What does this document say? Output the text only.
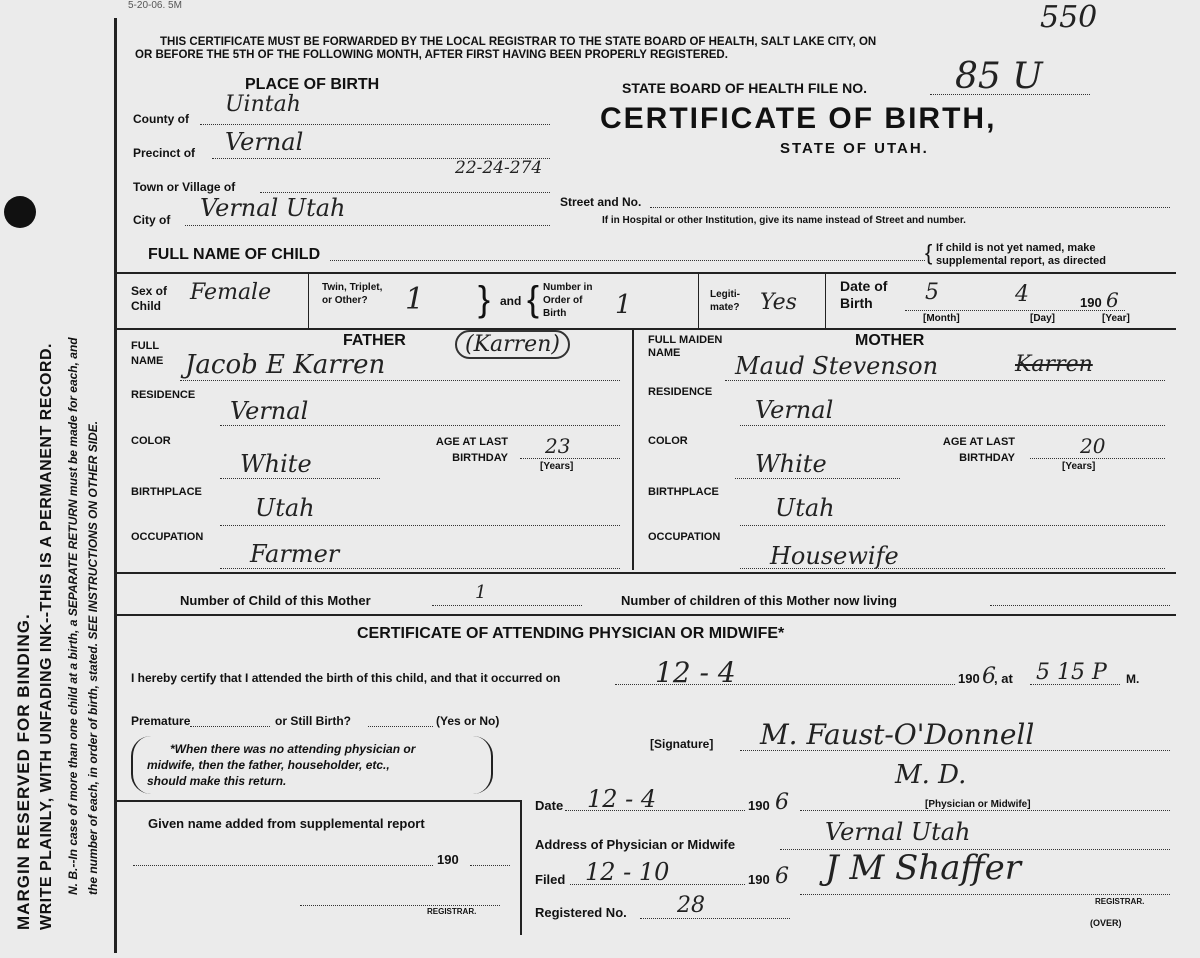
5-20-06. 5M	550
MARGIN RESERVED FOR BINDING. WRITE PLAINLY, WITH UNFADING INK--THIS IS A PERMANENT RECORD. N. B.--In case of more than one child at a birth, a SEPARATE RETURN must be made for each, and the number of each, in order of birth, stated. SEE INSTRUCTIONS ON OTHER SIDE.
THIS CERTIFICATE MUST BE FORWARDED BY THE LOCAL REGISTRAR TO THE STATE BOARD OF HEALTH, SALT LAKE CITY, ON
OR BEFORE THE 5TH OF THE FOLLOWING MONTH, AFTER FIRST HAVING BEEN PROPERLY REGISTERED.
PLACE OF BIRTH
County of
Uintah
Precinct of Vernal
22-24-274
Town or Village of
City of Vernal Utah
STATE BOARD OF HEALTH FILE NO. 85 U
CERTIFICATE OF BIRTH,
STATE OF UTAH.
Street and No.
If in Hospital or other Institution, give its name instead of Street and number.
FULL NAME OF CHILD	{ If child is not yet named, make
supplemental report, as directed
Sex of Child
Female	Twin, Triplet, or Other?	1 } and { Number in Order of Birth	1	Legiti-mate? Yes
Date of Birth	5	4	190 6
[Month]	[Day]	[Year]
FATHER
FULL NAME Jacob E Karren
(Karren)
RESIDENCE
Vernal
COLOR
White
AGE AT LAST BIRTHDAY 23
[Years]
BIRTHPLACE
Utah
OCCUPATION
Farmer
MOTHER
FULL MAIDEN NAME	Maud Stevenson	Karren
RESIDENCE
Vernal
COLOR
White
AGE AT LAST BIRTHDAY	20
[Years]
BIRTHPLACE
Utah
OCCUPATION
Housewife
Number of Child of this Mother	1	Number of children of this Mother now living
CERTIFICATE OF ATTENDING PHYSICIAN OR MIDWIFE*
I hereby certify that I attended the birth of this child, and that it occurred on	12 - 4	190 6
, at 5 15 P M.
Premature	or Still Birth?	(Yes or No)
*When there was no attending physician or
midwife, then the father, householder, etc.,
should make this return.
[Signature] M. Faust-O'Donnell
M. D.
Given name added from supplemental report
190
REGISTRAR.
Date 12 - 4	190 6	[Physician or Midwife]
Address of Physician or Midwife	Vernal Utah
Filed 12 - 10	190 6 J M Shaffer
REGISTRAR.
Registered No. 28
(OVER)
